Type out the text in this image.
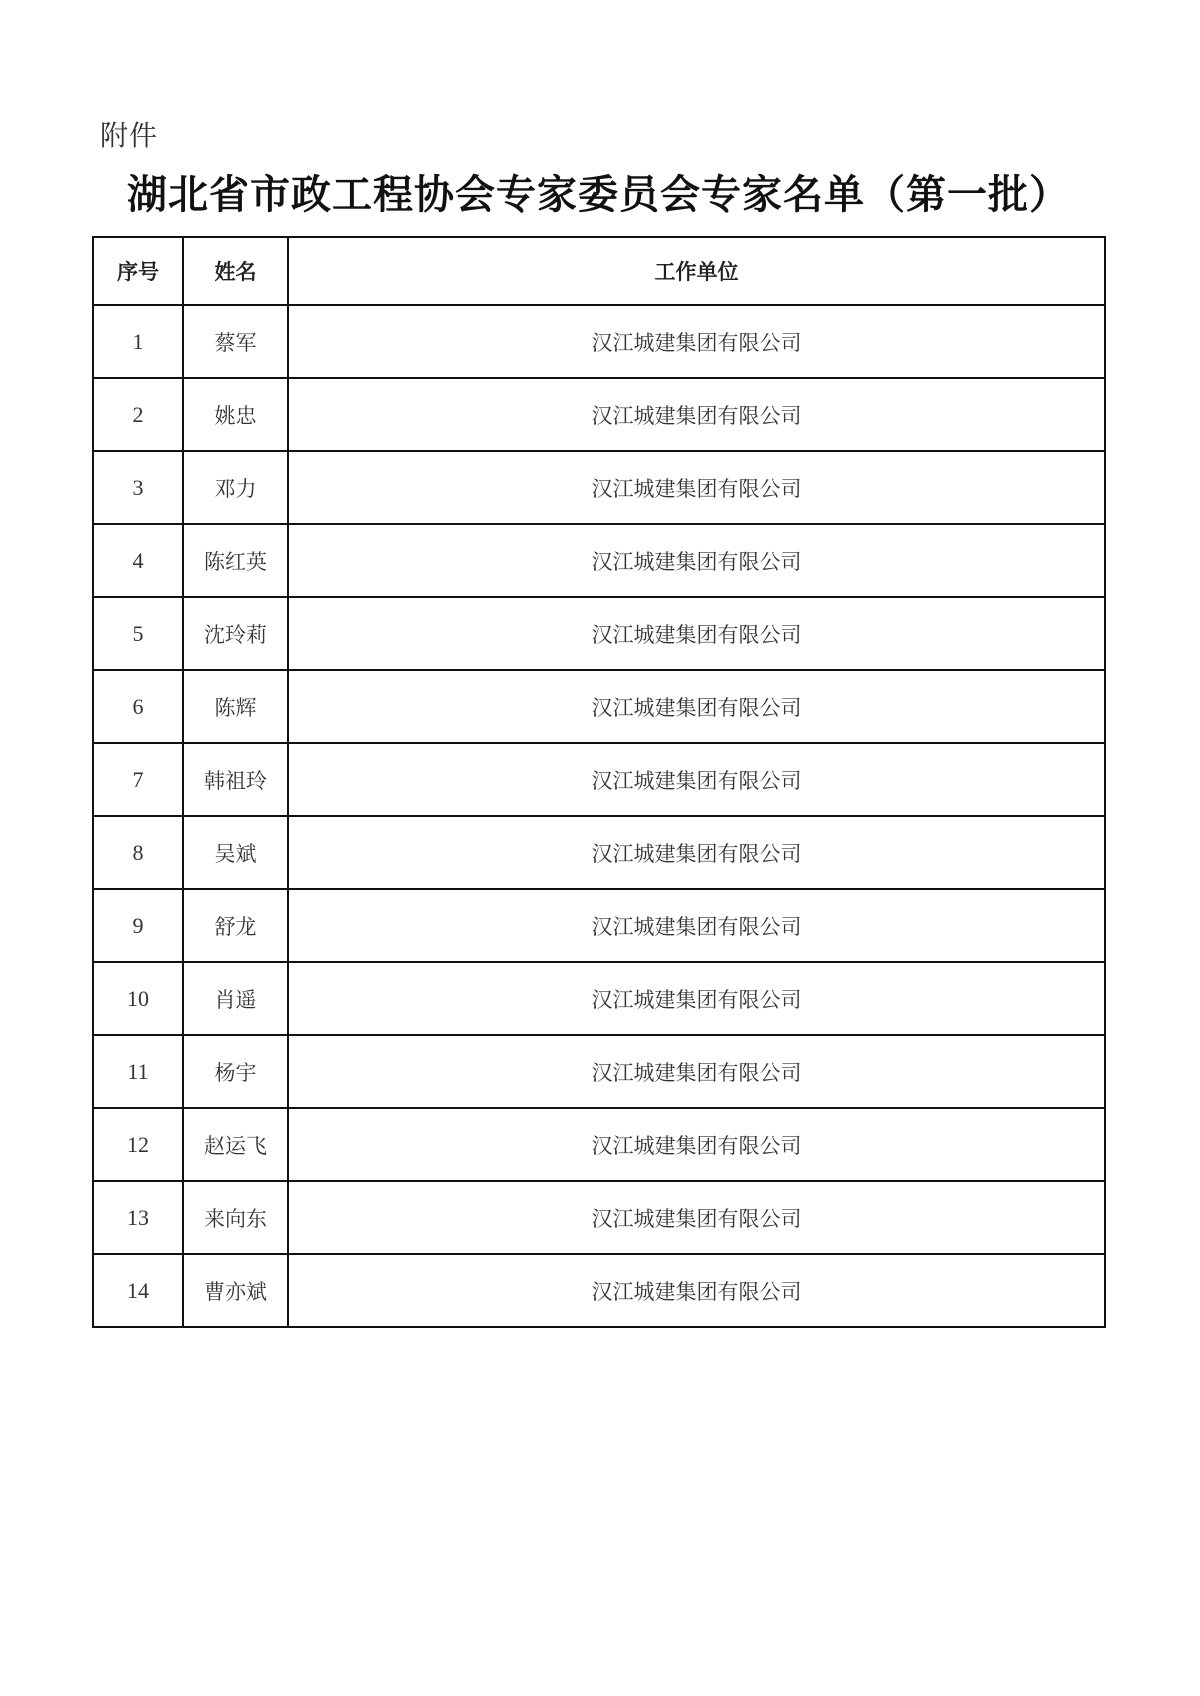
附件
湖北省市政工程协会专家委员会专家名单（第一批）
序号	姓名	工作单位
1	蔡军	汉江城建集团有限公司
2	姚忠	汉江城建集团有限公司
3	邓力	汉江城建集团有限公司
4	陈红英	汉江城建集团有限公司
5	沈玲莉	汉江城建集团有限公司
6	陈辉	汉江城建集团有限公司
7	韩祖玲	汉江城建集团有限公司
8	吴斌	汉江城建集团有限公司
9	舒龙	汉江城建集团有限公司
10	肖遥	汉江城建集团有限公司
11	杨宇	汉江城建集团有限公司
12	赵运飞	汉江城建集团有限公司
13	来向东	汉江城建集团有限公司
14	曹亦斌	汉江城建集团有限公司
